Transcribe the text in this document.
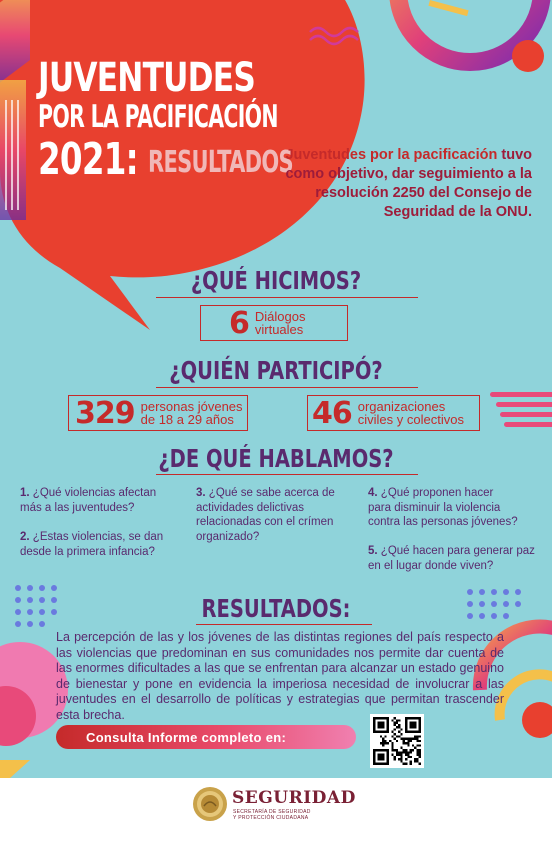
JUVENTUDES
POR LA PACIFICACIÓN
2021: RESULTADOS
Juventudes por la pacificación tuvo como objetivo, dar seguimiento a la resolución 2250 del Consejo de Seguridad de la ONU.
¿QUÉ HICIMOS?
6 Diálogos
virtuales
¿QUIÉN PARTICIPÓ?
329 personas jóvenes
de 18 a 29 años	46 organizaciones
civiles y colectivos
¿DE QUÉ HABLAMOS?
1. ¿Qué violencias afectan más a las juventudes?
2. ¿Estas violencias, se dan desde la primera infancia?
3. ¿Qué se sabe acerca de actividades delictivas relacionadas con el crímen organizado?
4. ¿Qué proponen hacer para disminuir la violencia contra las personas jóvenes?
5. ¿Qué hacen para generar paz en el lugar donde viven?
RESULTADOS:
La percepción de las y los jóvenes de las distintas regiones del país respecto a las violencias que predominan en sus comunidades nos permite dar cuenta de las enormes dificultades a las que se enfrentan para alcanzar un estado genuino de bienestar y pone en evidencia la imperiosa necesidad de involucrar a las juventudes en el desarrollo de políticas y estrategias que permitan trascender esta brecha.
Consulta Informe completo en:
SEGURIDAD
SECRETARÍA DE SEGURIDAD
Y PROTECCIÓN CIUDADANA
